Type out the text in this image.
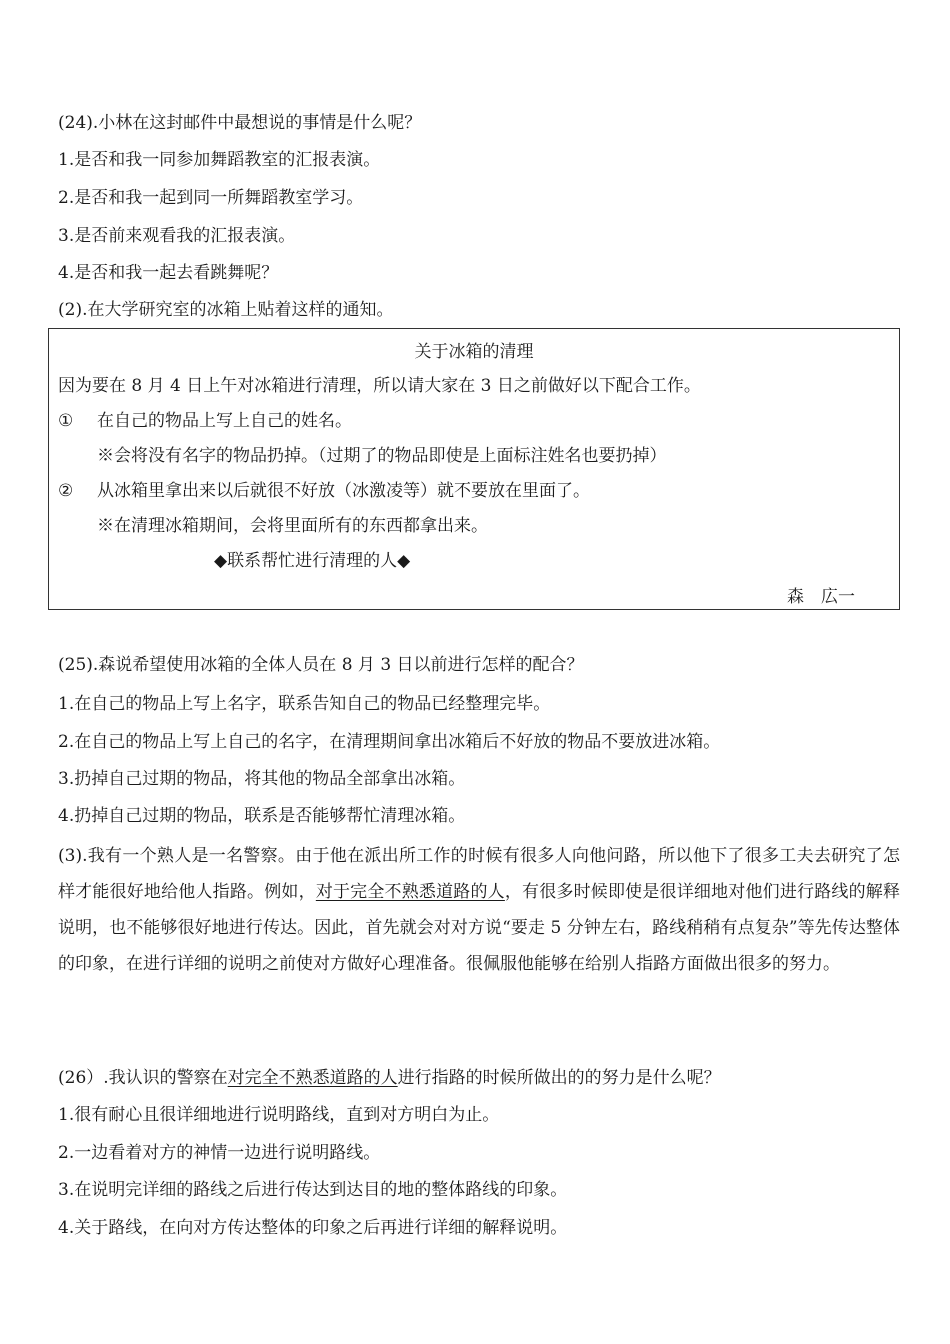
(24).小林在这封邮件中最想说的事情是什么呢？
1.是否和我一同参加舞蹈教室的汇报表演。
2.是否和我一起到同一所舞蹈教室学习。
3.是否前来观看我的汇报表演。
4.是否和我一起去看跳舞呢？
(2).在大学研究室的冰箱上贴着这样的通知。
关于冰箱的清理
因为要在 8 月 4 日上午对冰箱进行清理，所以请大家在 3 日之前做好以下配合工作。
① 在自己的物品上写上自己的姓名。
※会将没有名字的物品扔掉。（过期了的物品即使是上面标注姓名也要扔掉）
② 从冰箱里拿出来以后就很不好放（冰激凌等）就不要放在里面了。
※在清理冰箱期间，会将里面所有的东西都拿出来。
◆联系帮忙进行清理的人◆
森　広一
(25).森说希望使用冰箱的全体人员在 8 月 3 日以前进行怎样的配合？
1.在自己的物品上写上名字，联系告知自己的物品已经整理完毕。
2.在自己的物品上写上自己的名字，在清理期间拿出冰箱后不好放的物品不要放进冰箱。
3.扔掉自己过期的物品，将其他的物品全部拿出冰箱。
4.扔掉自己过期的物品，联系是否能够帮忙清理冰箱。
(3).我有一个熟人是一名警察。由于他在派出所工作的时候有很多人向他问路，所以他下了很多工夫去研究了怎样才能很好地给他人指路。例如，对于完全不熟悉道路的人，有很多时候即使是很详细地对他们进行路线的解释说明，也不能够很好地进行传达。因此，首先就会对对方说“要走 5 分钟左右，路线稍稍有点复杂”等先传达整体的印象，在进行详细的说明之前使对方做好心理准备。很佩服他能够在给别人指路方面做出很多的努力。
(26）.我认识的警察在对完全不熟悉道路的人进行指路的时候所做出的的努力是什么呢？
1.很有耐心且很详细地进行说明路线，直到对方明白为止。
2.一边看着对方的神情一边进行说明路线。
3.在说明完详细的路线之后进行传达到达目的地的整体路线的印象。
4.关于路线，在向对方传达整体的印象之后再进行详细的解释说明。
